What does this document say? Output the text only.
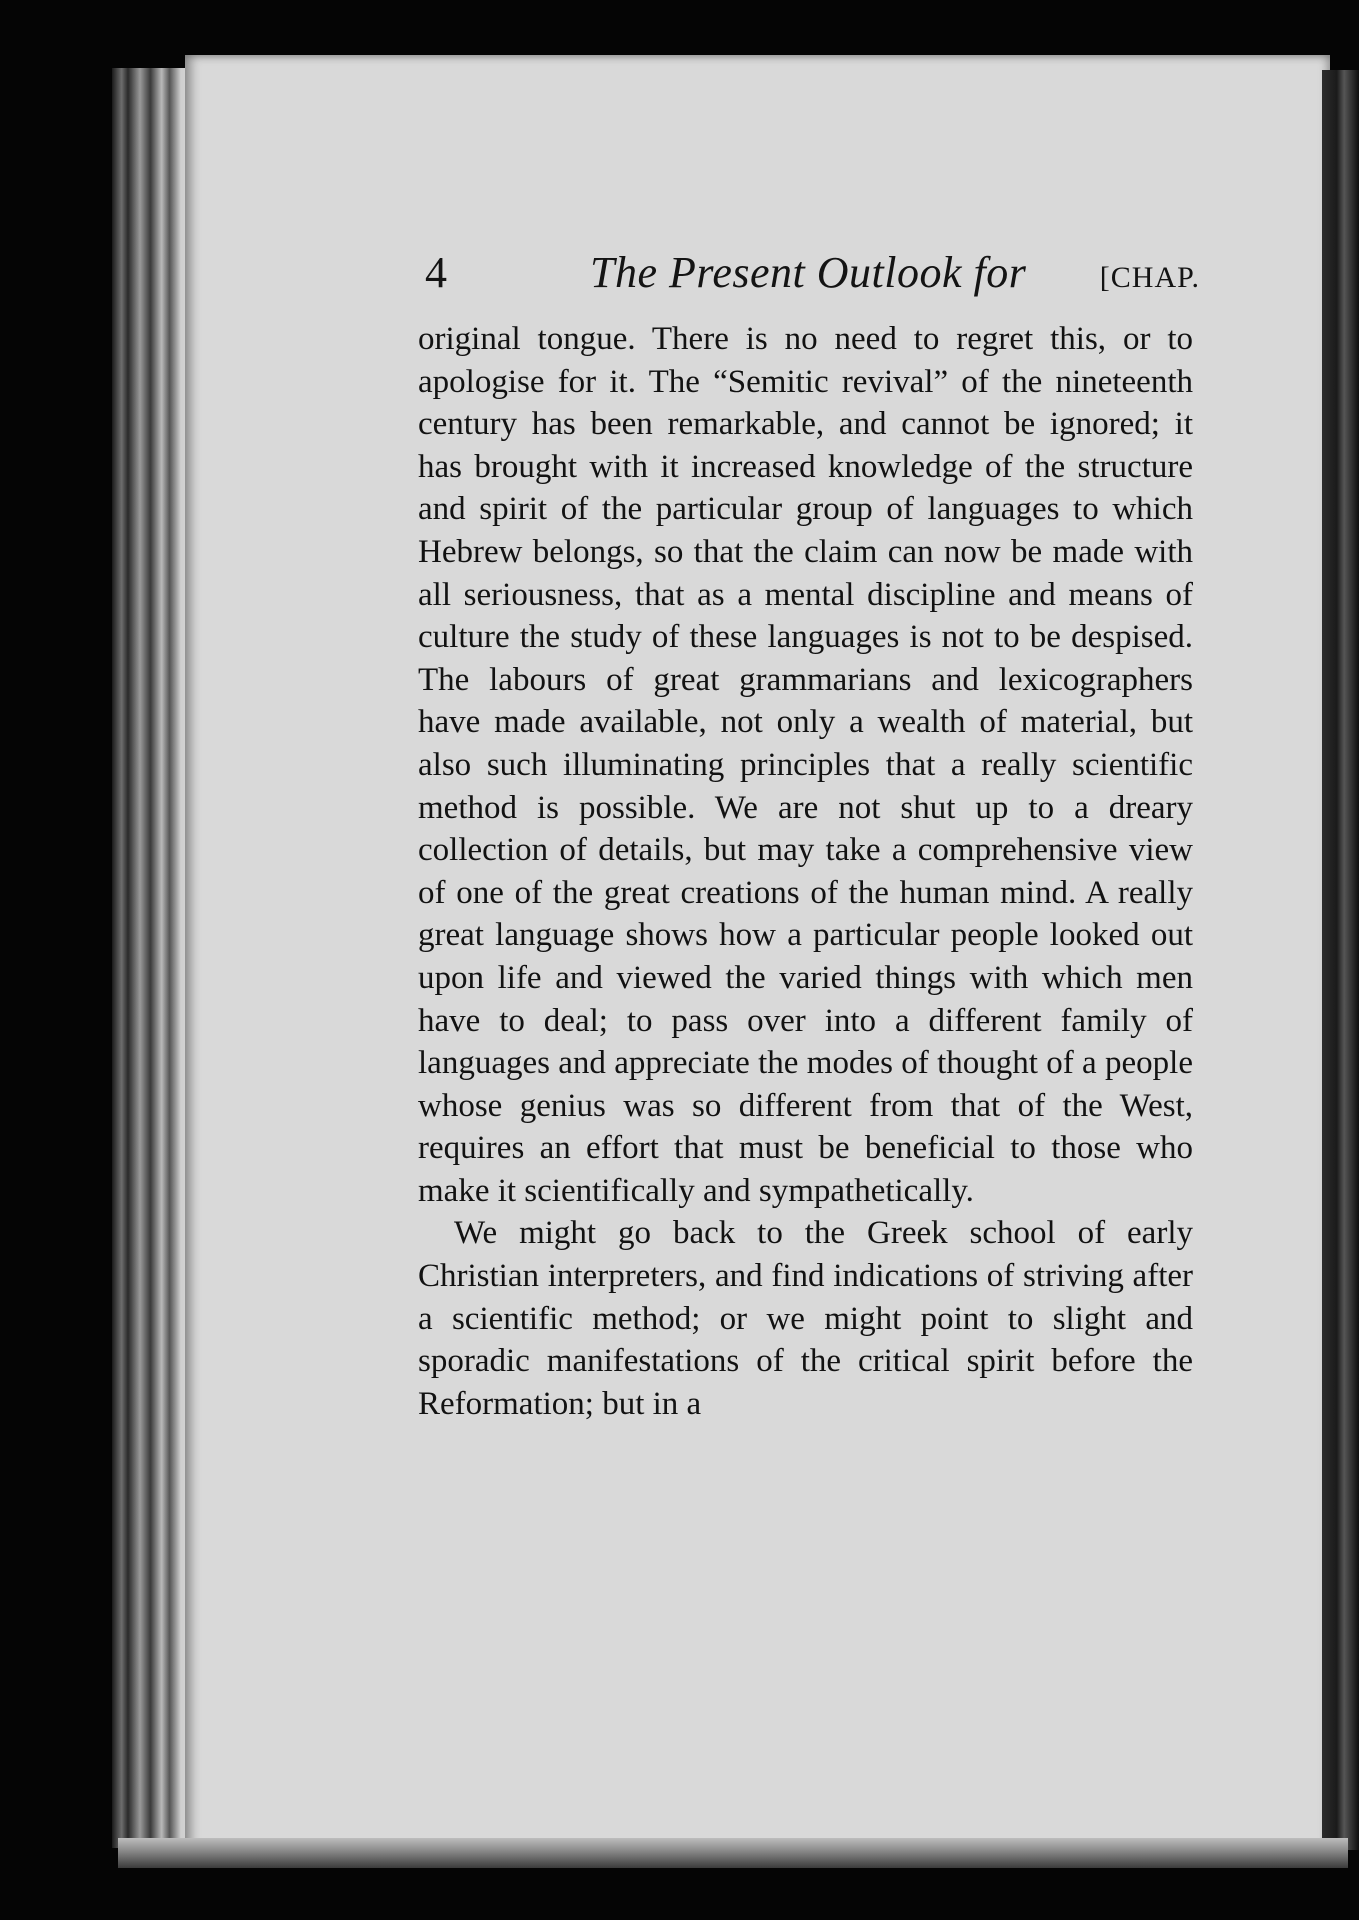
4	The Present Outlook for [CHAP.

original tongue. There is no need to regret this, or to apologise for it. The “Semitic revival” of the nineteenth century has been remarkable, and cannot be ignored; it has brought with it increased knowledge of the structure and spirit of the particular group of languages to which Hebrew belongs, so that the claim can now be made with all seriousness, that as a mental discipline and means of culture the study of these languages is not to be despised. The labours of great grammarians and lexicographers have made available, not only a wealth of material, but also such illuminating principles that a really scientific method is possible. We are not shut up to a dreary collection of details, but may take a comprehensive view of one of the great creations of the human mind. A really great language shows how a particular people looked out upon life and viewed the varied things with which men have to deal; to pass over into a different family of languages and appreciate the modes of thought of a people whose genius was so different from that of the West, requires an effort that must be beneficial to those who make it scientifically and sympathetically.

We might go back to the Greek school of early Christian interpreters, and find indications of striving after a scientific method; or we might point to slight and sporadic manifestations of the critical spirit before the Reformation; but in a
